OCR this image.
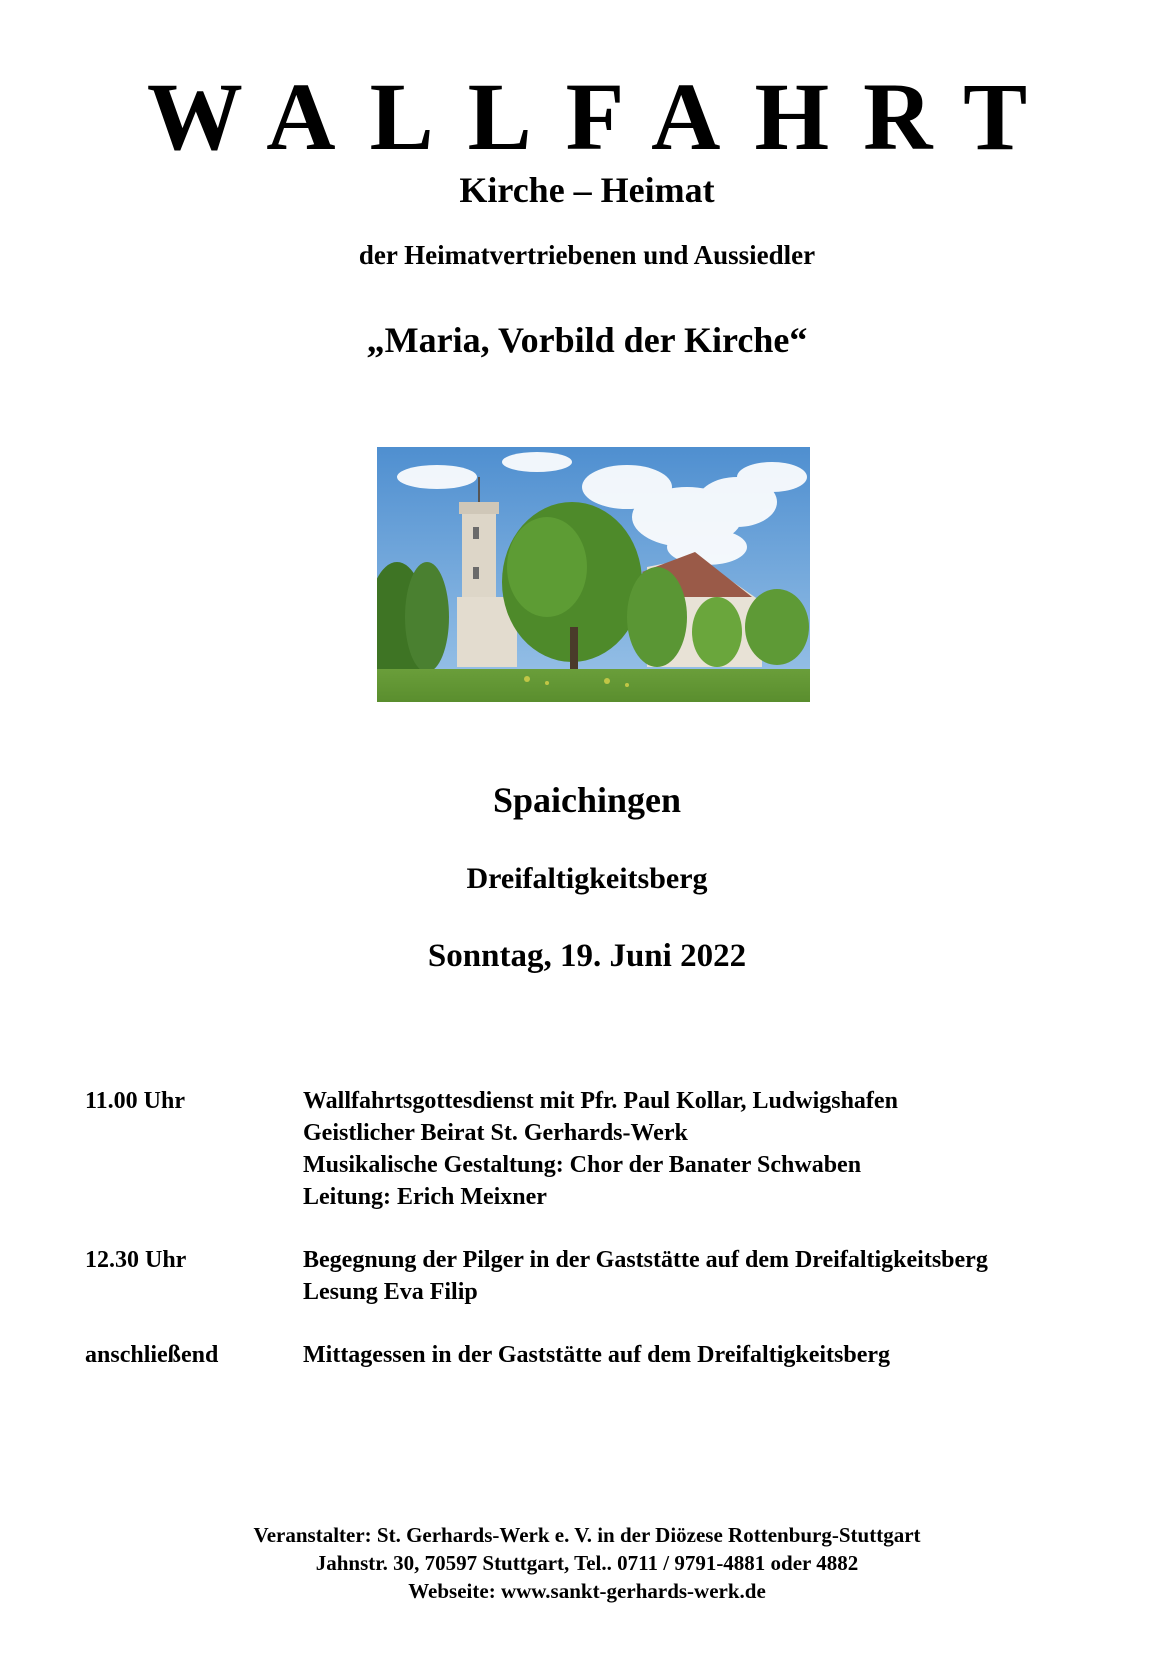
WALLFAHRT
Kirche – Heimat
der Heimatvertriebenen und Aussiedler
„Maria, Vorbild der Kirche“
Spaichingen
Dreifaltigkeitsberg
Sonntag, 19. Juni 2022
11.00 Uhr	Wallfahrtsgottesdienst mit Pfr. Paul Kollar, Ludwigshafen
Geistlicher Beirat St. Gerhards-Werk
Musikalische Gestaltung: Chor der Banater Schwaben
Leitung: Erich Meixner
12.30 Uhr	Begegnung der Pilger in der Gaststätte auf dem Dreifaltigkeitsberg
Lesung Eva Filip
anschließend	Mittagessen in der Gaststätte auf dem Dreifaltigkeitsberg
Veranstalter: St. Gerhards-Werk e. V. in der Diözese Rottenburg-Stuttgart
Jahnstr. 30, 70597 Stuttgart, Tel.. 0711 / 9791-4881 oder 4882
Webseite: www.sankt-gerhards-werk.de
